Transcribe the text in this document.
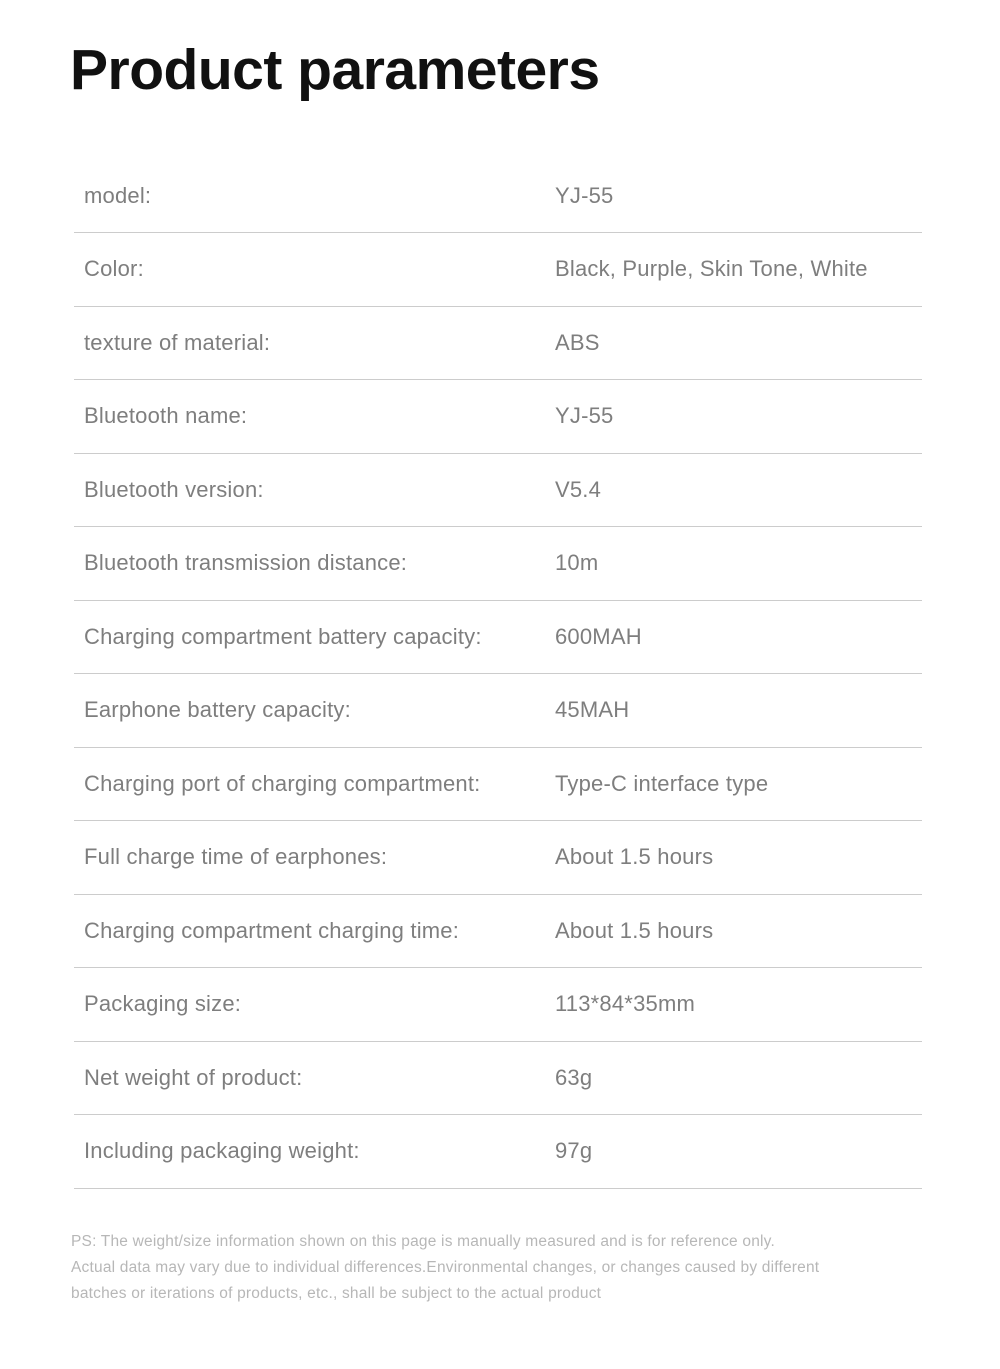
Product parameters
model:	YJ-55
Color:	Black, Purple, Skin Tone, White
texture of material:	ABS
Bluetooth name:	YJ-55
Bluetooth version:	V5.4
Bluetooth transmission distance:	10m
Charging compartment battery capacity:	600MAH
Earphone battery capacity:	45MAH
Charging port of charging compartment:	Type-C interface type
Full charge time of earphones:	About 1.5 hours
Charging compartment charging time:	About 1.5 hours
Packaging size:	113*84*35mm
Net weight of product:	63g
Including packaging weight:	97g
PS: The weight/size information shown on this page is manually measured and is for reference only.
Actual data may vary due to individual differences.Environmental changes, or changes caused by different
batches or iterations of products, etc., shall be subject to the actual product
